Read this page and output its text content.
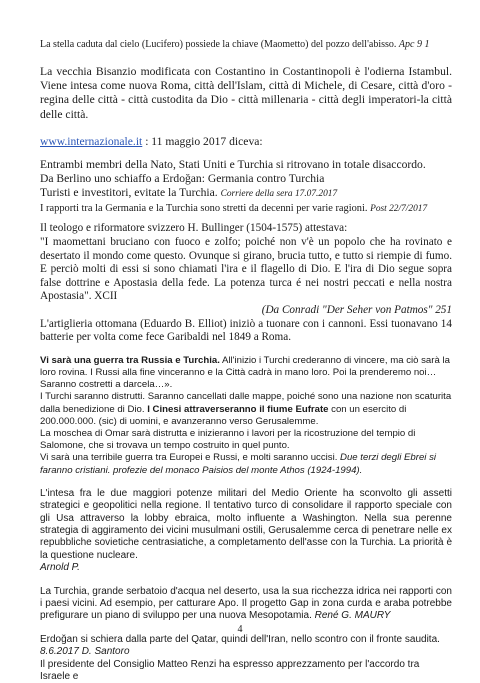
La stella caduta dal cielo (Lucifero) possiede la chiave (Maometto) del pozzo dell'abisso. Apc 9 1

La vecchia Bisanzio modificata con Costantino in Costantinopoli è l'odierna Istambul. Viene intesa come nuova Roma, città dell'Islam, città di Michele, di Cesare, città d'oro - regina delle città - città custodita da Dio - città millenaria - città degli imperatori-la città delle città.

www.internazionale.it : 11 maggio 2017 diceva:

Entrambi membri della Nato, Stati Uniti e Turchia si ritrovano in totale disaccordo.

Da Berlino uno schiaffo a Erdoğan: Germania contro Turchia

Turisti e investitori, evitate la Turchia. Corriere della sera 17.07.2017

I rapporti tra la Germania e la Turchia sono stretti da decenni per varie ragioni. Post 22/7/2017

Il teologo e riformatore svizzero H. Bullinger (1504-1575) attestava:

"I maomettani bruciano con fuoco e zolfo; poiché non v'è un popolo che ha rovinato e desertato il mondo come questo. Ovunque si girano, brucia tutto, e tutto si riempie di fumo. E perciò molti di essi si sono chiamati l'ira e il flagello di Dio. E l'ira di Dio segue sopra false dottrine e Apostasia della fede. La potenza turca é nei nostri peccati e nella nostra Apostasia". XCII

(Da Conradi "Der Seher von Patmos" 251

L'artiglieria ottomana (Eduardo B. Elliot) iniziò a tuonare con i cannoni. Essi tuonavano 14 batterie per volta come fece Garibaldi nel 1849 a Roma.

Vi sarà una guerra tra Russia e Turchia. All'inizio i Turchi crederanno di vincere, ma ciò sarà la loro rovina. I Russi alla fine vinceranno e la Città cadrà in mano loro. Poi la prenderemo noi… Saranno costretti a darcela…».

I Turchi saranno distrutti. Saranno cancellati dalle mappe, poiché sono una nazione non scaturita dalla benedizione di Dio. I Cinesi attraverseranno il fiume Eufrate con un esercito di 200.000.000. (sic) di uomini, e avanzeranno verso Gerusalemme.

La moschea di Omar sarà distrutta e inizieranno i lavori per la ricostruzione del tempio di Salomone, che si trovava un tempo costruito in quel punto.

Vi sarà una terribile guerra tra Europei e Russi, e molti saranno uccisi. Due terzi degli Ebrei si faranno cristiani. profezie del monaco Paisios del monte Athos (1924-1994).

L'intesa fra le due maggiori potenze militari del Medio Oriente ha sconvolto gli assetti strategici e geopolitici nella regione. Il tentativo turco di consolidare il rapporto speciale con gli Usa attraverso la lobby ebraica, molto influente a Washington. Nella sua perenne strategia di aggiramento dei vicini musulmani ostili, Gerusalemme cerca di penetrare nelle ex repubbliche sovietiche centrasiatiche, a completamento dell'asse con la Turchia. La priorità è la questione nucleare.

Arnold P.

La Turchia, grande serbatoio d'acqua nel deserto, usa la sua ricchezza idrica nei rapporti con i paesi vicini. Ad esempio, per catturare Apo. Il progetto Gap in zona curda e araba potrebbe prefigurare un piano di sviluppo per una nuova Mesopotamia. René G. MAURY

Erdoğan si schiera dalla parte del Qatar, quindi dell'Iran, nello scontro con il fronte saudita.

8.6.2017 D. Santoro

Il presidente del Consiglio Matteo Renzi ha espresso apprezzamento per l'accordo tra Israele e

4
